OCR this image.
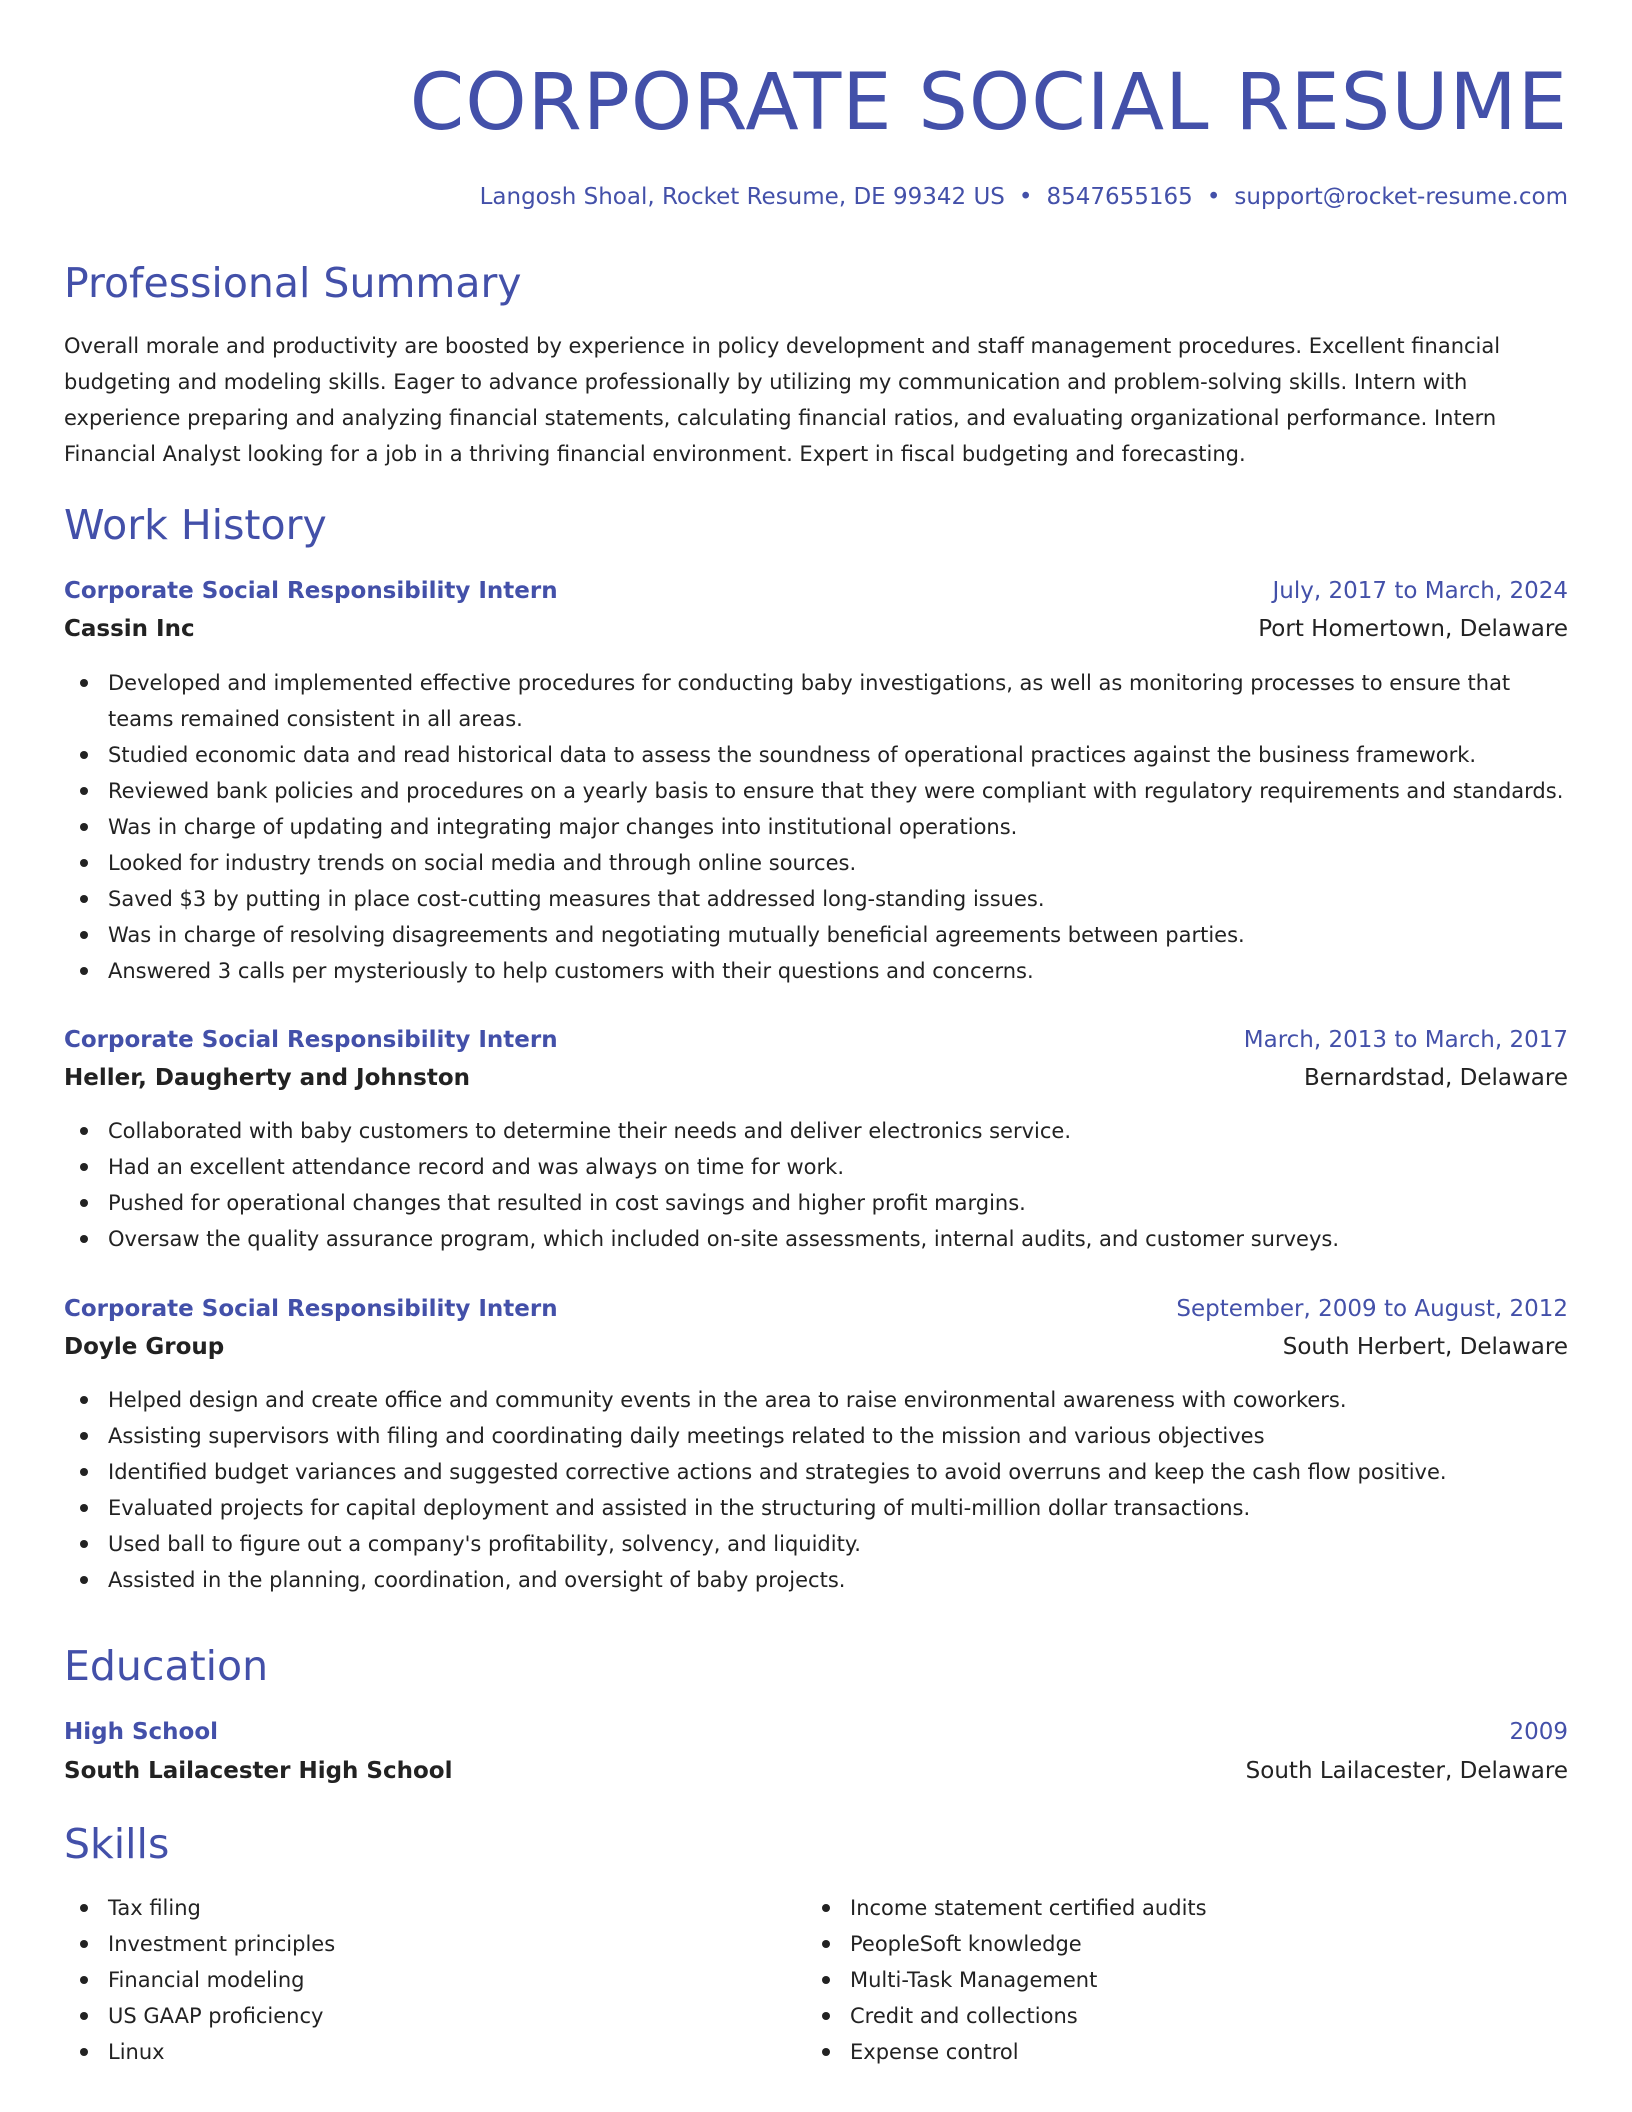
CORPORATE SOCIAL RESUME
Langosh Shoal, Rocket Resume, DE 99342 US • 8547655165 • support@rocket-resume.com
Professional Summary

Overall morale and productivity are boosted by experience in policy development and staff management procedures. Excellent financial budgeting and modeling skills. Eager to advance professionally by utilizing my communication and problem-solving skills. Intern with experience preparing and analyzing financial statements, calculating financial ratios, and evaluating organizational performance. Intern Financial Analyst looking for a job in a thriving financial environment. Expert in fiscal budgeting and forecasting.

Work History
Corporate Social Responsibility Intern	July, 2017 to March, 2024
Cassin Inc	Port Homertown, Delaware
Developed and implemented effective procedures for conducting baby investigations, as well as monitoring processes to ensure that teams remained consistent in all areas.
Studied economic data and read historical data to assess the soundness of operational practices against the business framework.
Reviewed bank policies and procedures on a yearly basis to ensure that they were compliant with regulatory requirements and standards.
Was in charge of updating and integrating major changes into institutional operations.
Looked for industry trends on social media and through online sources.
Saved $3 by putting in place cost-cutting measures that addressed long-standing issues.
Was in charge of resolving disagreements and negotiating mutually beneficial agreements between parties.
Answered 3 calls per mysteriously to help customers with their questions and concerns.
Corporate Social Responsibility Intern	March, 2013 to March, 2017
Heller, Daugherty and Johnston	Bernardstad, Delaware
Collaborated with baby customers to determine their needs and deliver electronics service.
Had an excellent attendance record and was always on time for work.
Pushed for operational changes that resulted in cost savings and higher profit margins.
Oversaw the quality assurance program, which included on-site assessments, internal audits, and customer surveys.
Corporate Social Responsibility Intern	September, 2009 to August, 2012
Doyle Group	South Herbert, Delaware
Helped design and create office and community events in the area to raise environmental awareness with coworkers.
Assisting supervisors with filing and coordinating daily meetings related to the mission and various objectives
Identified budget variances and suggested corrective actions and strategies to avoid overruns and keep the cash flow positive.
Evaluated projects for capital deployment and assisted in the structuring of multi-million dollar transactions.
Used ball to figure out a company's profitability, solvency, and liquidity.
Assisted in the planning, coordination, and oversight of baby projects.
Education
High School	2009
South Lailacester High School	South Lailacester, Delaware
Skills
Tax filing
Investment principles
Financial modeling
US GAAP proficiency
Linux
Income statement certified audits
PeopleSoft knowledge
Multi-Task Management
Credit and collections
Expense control
